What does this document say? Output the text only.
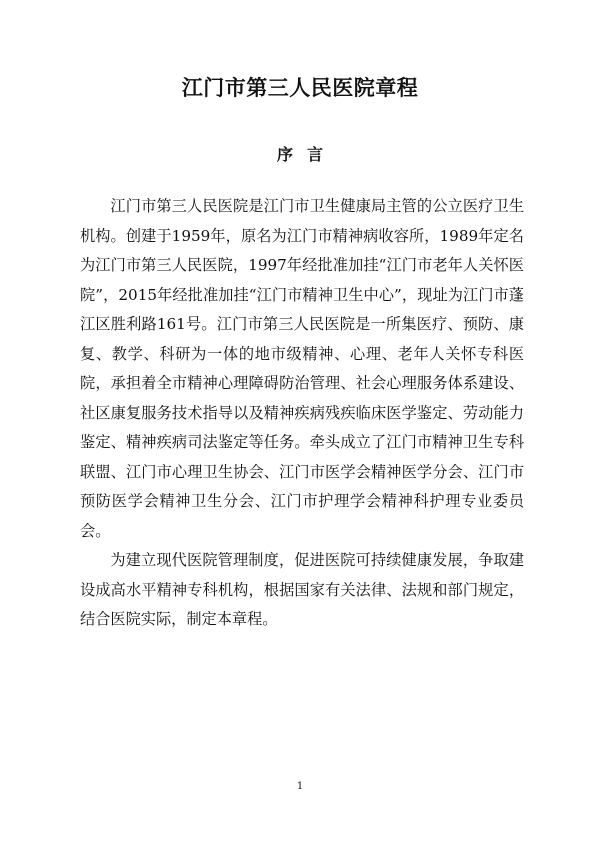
江门市第三人民医院章程
序言

江门市第三人民医院是江门市卫生健康局主管的公立医疗卫生机构。创建于1959年，原名为江门市精神病收容所，1989年定名为江门市第三人民医院，1997年经批准加挂“江门市老年人关怀医院”，2015年经批准加挂“江门市精神卫生中心”，现址为江门市蓬江区胜利路161号。江门市第三人民医院是一所集医疗、预防、康复、教学、科研为一体的地市级精神、心理、老年人关怀专科医院，承担着全市精神心理障碍防治管理、社会心理服务体系建设、社区康复服务技术指导以及精神疾病残疾临床医学鉴定、劳动能力鉴定、精神疾病司法鉴定等任务。牵头成立了江门市精神卫生专科联盟、江门市心理卫生协会、江门市医学会精神医学分会、江门市预防医学会精神卫生分会、江门市护理学会精神科护理专业委员会。

为建立现代医院管理制度，促进医院可持续健康发展，争取建设成高水平精神专科机构，根据国家有关法律、法规和部门规定，结合医院实际，制定本章程。

1
